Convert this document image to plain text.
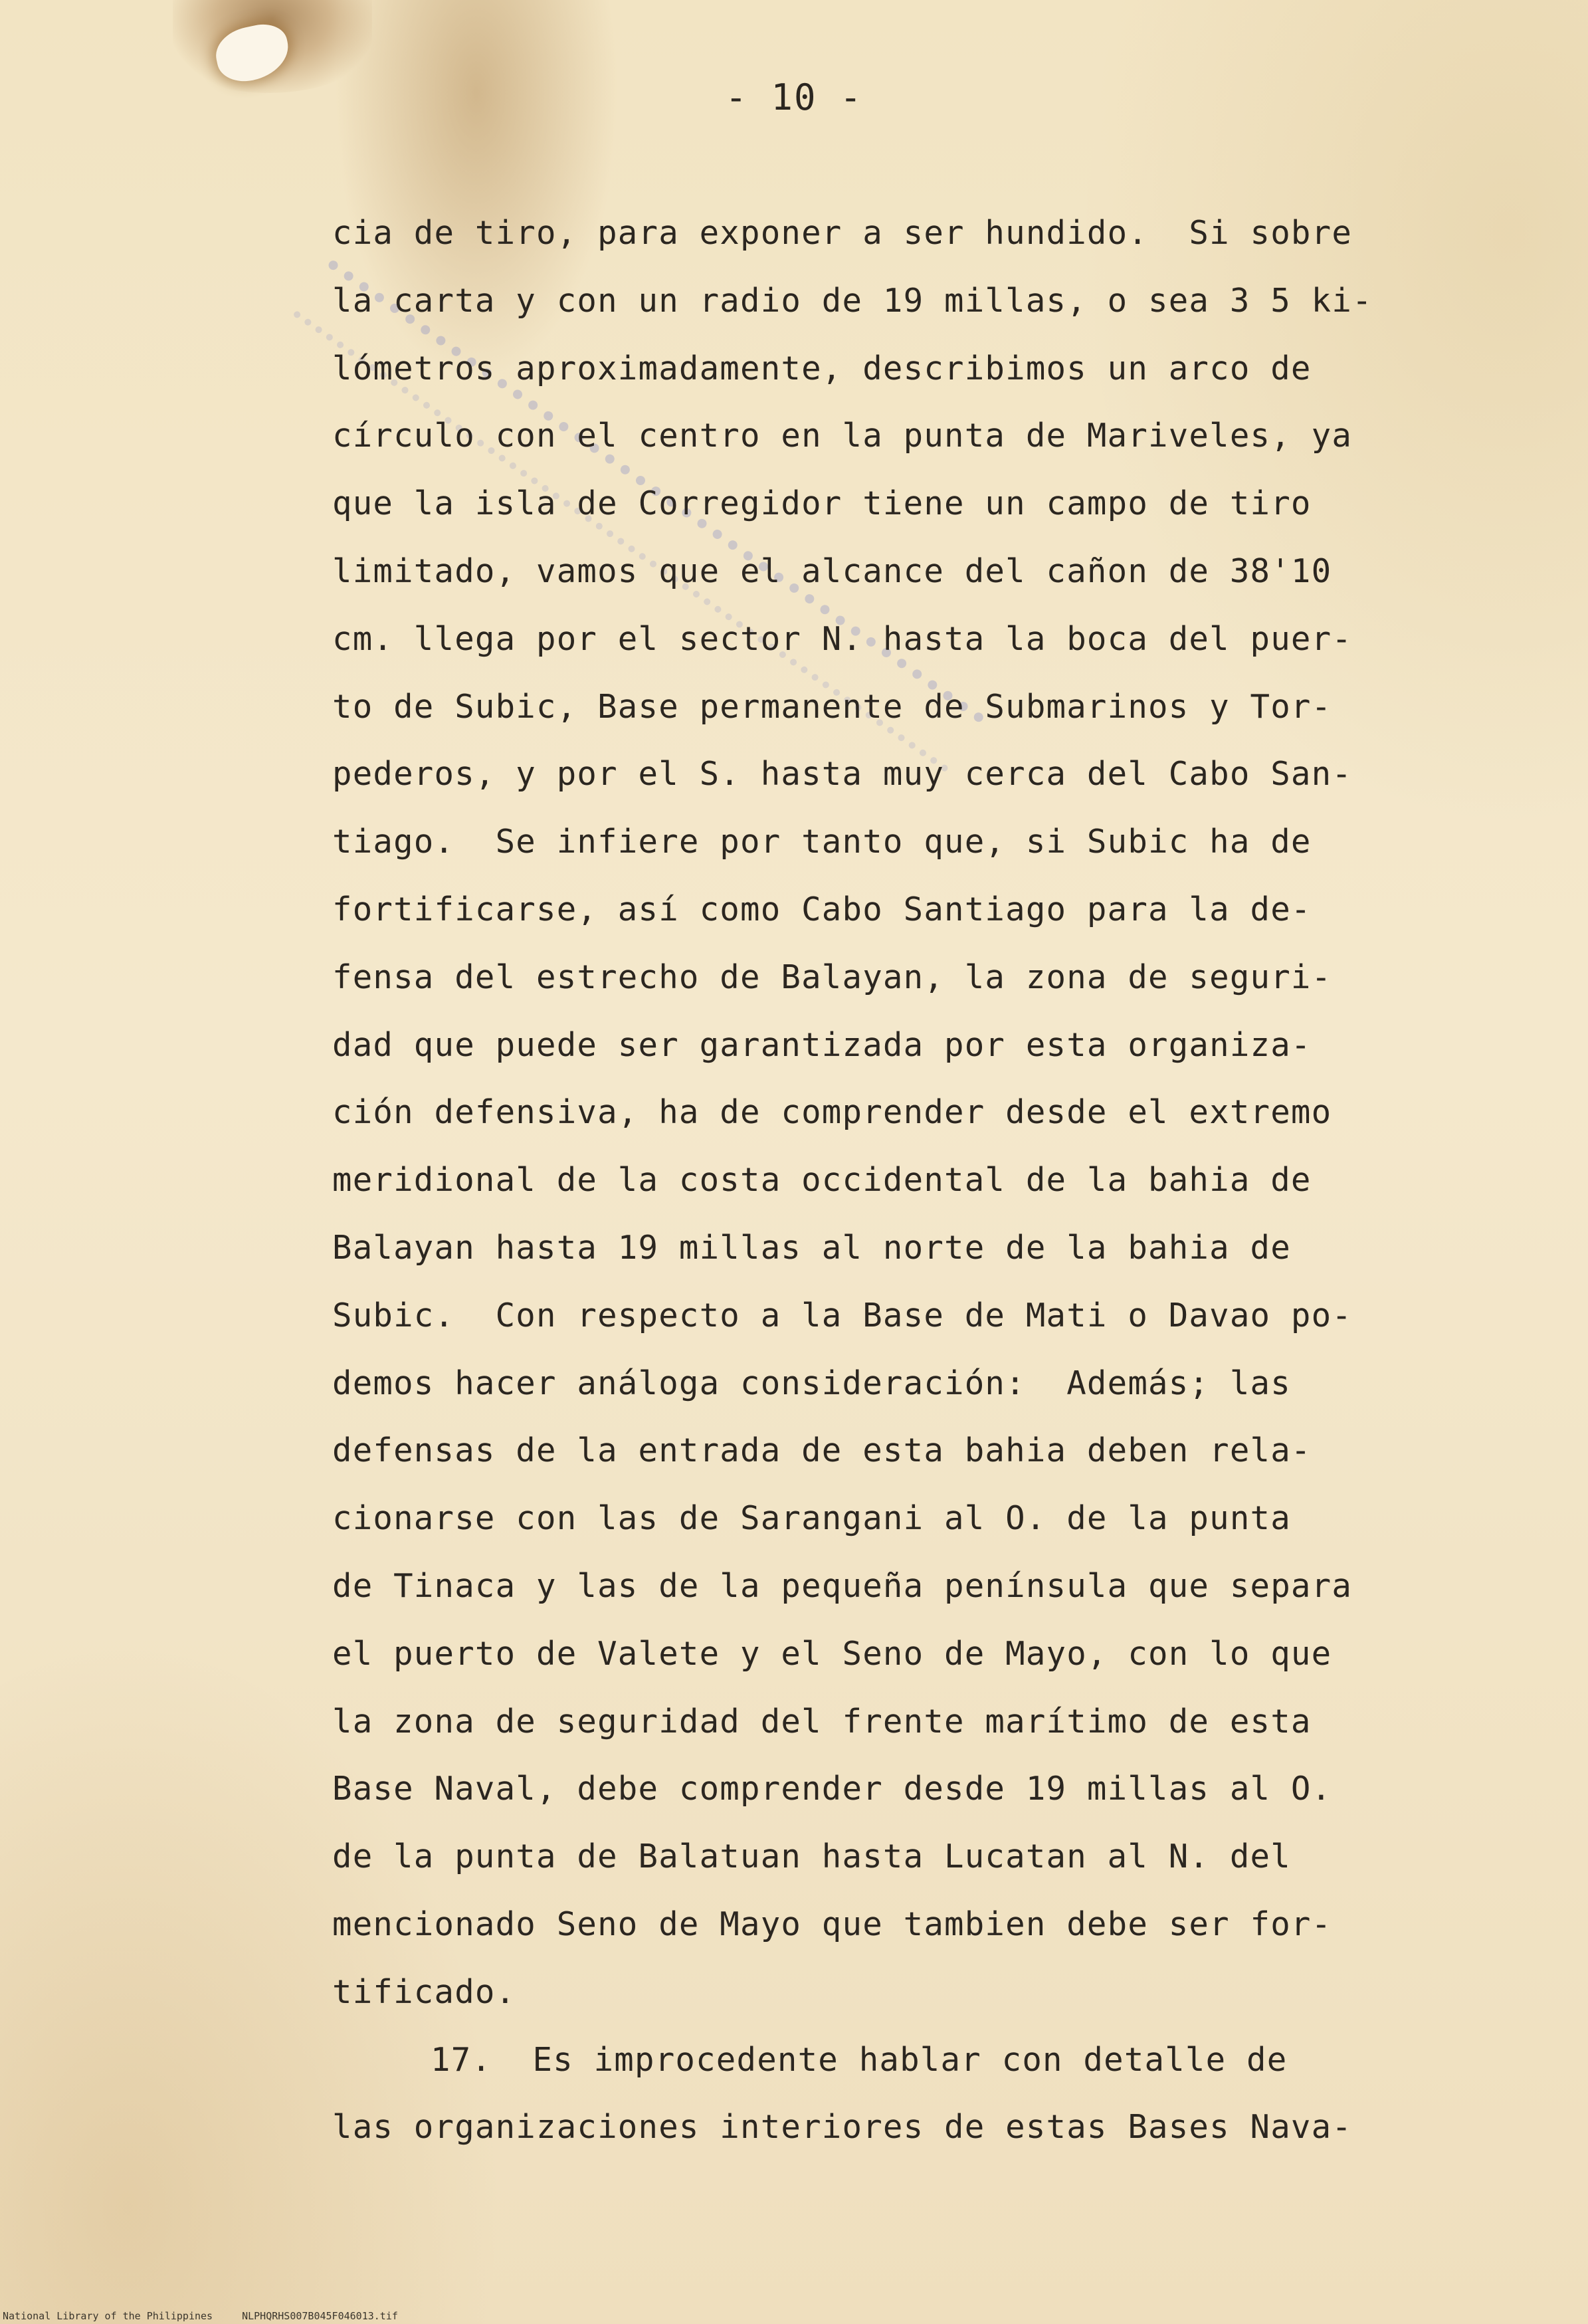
- 10 -
cia de tiro, para exponer a ser hundido.  Si sobre
la carta y con un radio de 19 millas, o sea 3 5 ki-
lómetros aproximadamente, describimos un arco de
círculo con el centro en la punta de Mariveles, ya
que la isla de Corregidor tiene un campo de tiro
limitado, vamos que el alcance del cañon de 38'10
cm. llega por el sector N. hasta la boca del puer-
to de Subic, Base permanente de Submarinos y Tor-
pederos, y por el S. hasta muy cerca del Cabo San-
tiago.  Se infiere por tanto que, si Subic ha de
fortificarse, así como Cabo Santiago para la de-
fensa del estrecho de Balayan, la zona de seguri-
dad que puede ser garantizada por esta organiza-
ción defensiva, ha de comprender desde el extremo
meridional de la costa occidental de la bahia de
Balayan hasta 19 millas al norte de la bahia de
Subic.  Con respecto a la Base de Mati o Davao po-
demos hacer análoga consideración:  Además; las
defensas de la entrada de esta bahia deben rela-
cionarse con las de Sarangani al O. de la punta
de Tinaca y las de la pequeña península que separa
el puerto de Valete y el Seno de Mayo, con lo que
la zona de seguridad del frente marítimo de esta
Base Naval, debe comprender desde 19 millas al O.
de la punta de Balatuan hasta Lucatan al N. del
mencionado Seno de Mayo que tambien debe ser for-
tificado.
17.  Es improcedente hablar con detalle de
las organizaciones interiores de estas Bases Nava-
National Library of the Philippines	NLPHQRHS007B045F046013.tif
